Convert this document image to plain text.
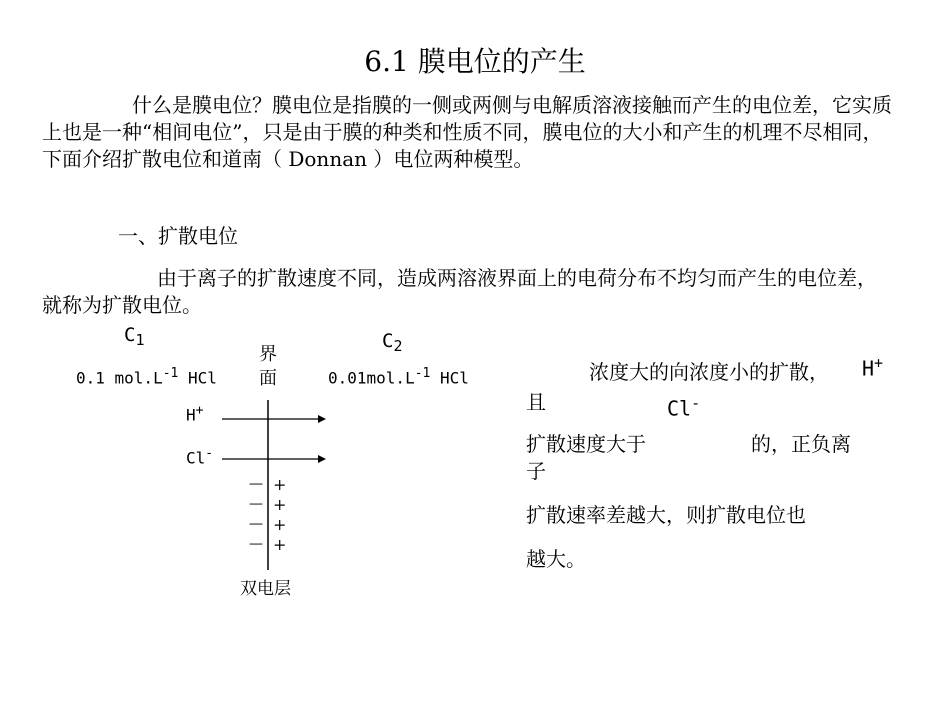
6.1 膜电位的产生
什么是膜电位？膜电位是指膜的一侧或两侧与电解质溶液接触而产生的电位差，它实质上也是一种“相间电位”，只是由于膜的种类和性质不同，膜电位的大小和产生的机理不尽相同，下面介绍扩散电位和道南（ Donnan ）电位两种模型。
一、扩散电位
由于离子的扩散速度不同，造成两溶液界面上的电荷分布不均匀而产生的电位差，就称为扩散电位。
$C_1$	$C_2$
0.1 $mol.L^{-1}$ HCl	$0.01mol.L^{-1}$ HCl
界
面
H+
Cl-
—
—
—
—
+
+
+
+
双电层
浓度大的向浓度小的扩散， H+
且	Cl-
扩散速度大于	的，正负离
子
扩散速率差越大，则扩散电位也
越大。
